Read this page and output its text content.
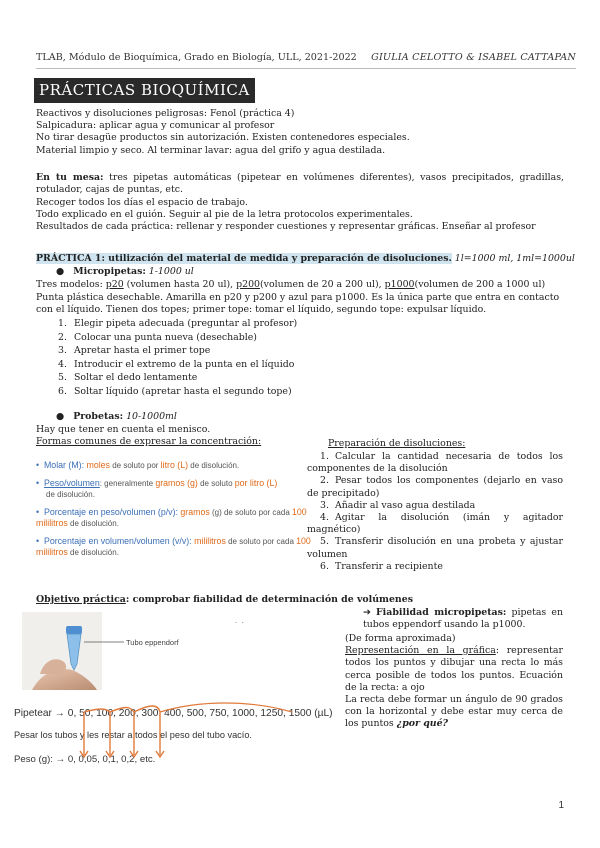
TLAB, Módulo de Bioquímica, Grado en Biología, ULL, 2021-2022 GIULIA CELOTTO & ISABEL CATTAPAN
PRÁCTICAS BIOQUÍMICA
Reactivos y disoluciones peligrosas: Fenol (práctica 4)
Salpicadura: aplicar agua y comunicar al profesor
No tirar desagüe productos sin autorización. Existen contenedores especiales.
Material limpio y seco. Al terminar lavar: agua del grifo y agua destilada.
En tu mesa: tres pipetas automáticas (pipetear en volúmenes diferentes), vasos precipitados, gradillas, rotulador, cajas de puntas, etc.
Recoger todos los días el espacio de trabajo.
Todo explicado en el guión. Seguir al pie de la letra protocolos experimentales.
Resultados de cada práctica: rellenar y responder cuestiones y representar gráficas. Enseñar al profesor
PRÁCTICA 1: utilización del material de medida y preparación de disoluciones. 1l=1000 ml, 1ml=1000ul
● Micropipetas: 1-1000 ul
Tres modelos: p20 (volumen hasta 20 ul), p200(volumen de 20 a 200 ul), p1000(volumen de 200 a 1000 ul)
Punta plástica desechable. Amarilla en p20 y p200 y azul para p1000. Es la única parte que entra en contacto con el líquido. Tienen dos topes; primer tope: tomar el líquido, segundo tope: expulsar líquido.
1. Elegir pipeta adecuada (preguntar al profesor)
2. Colocar una punta nueva (desechable)
3. Apretar hasta el primer tope
4. Introducir el extremo de la punta en el líquido
5. Soltar el dedo lentamente
6. Soltar líquido (apretar hasta el segundo tope)
● Probetas: 10-1000ml
Hay que tener en cuenta el menisco.
Formas comunes de expresar la concentración:
•  Molar (M): moles de soluto por litro (L) de disolución.
•  Peso/volumen: generalmente gramos (g) de soluto por litro (L)
de disolución.
•  Porcentaje en peso/volumen (p/v): gramos (g) de soluto por cada 100 mililitros de disolución.
•  Porcentaje en volumen/volumen (v/v): mililitros de soluto por cada 100 mililitros de disolución.
Preparación de disoluciones:
1. Calcular la cantidad necesaria de todos los componentes de la disolución
2. Pesar todos los componentes (dejarlo en vaso de precipitado)
3. Añadir al vaso agua destilada
4. Agitar la disolución (imán y agitador magnético)
5. Transferir disolución en una probeta y ajustar volumen
6. Transferir a recipiente
Objetivo práctica: comprobar fiabilidad de determinación de volúmenes
Tubo eppendorf
.  .
Pipetear → 0, 50, 100, 200, 300, 400, 500, 750, 1000, 1250, 1500 (µL)
Pesar los tubos y les restar a todos el peso del tubo vacío.
Peso (g): → 0, 0,05, 0,1, 0,2, etc.
➔ Fiabilidad micropipetas: pipetas en tubos eppendorf usando la p1000.
(De forma aproximada)
Representación en la gráfica: representar todos los puntos y dibujar una recta lo más cerca posible de todos los puntos. Ecuación de la recta: a ojo
La recta debe formar un ángulo de 90 grados con la horizontal y debe estar muy cerca de los puntos ¿por qué?
1
